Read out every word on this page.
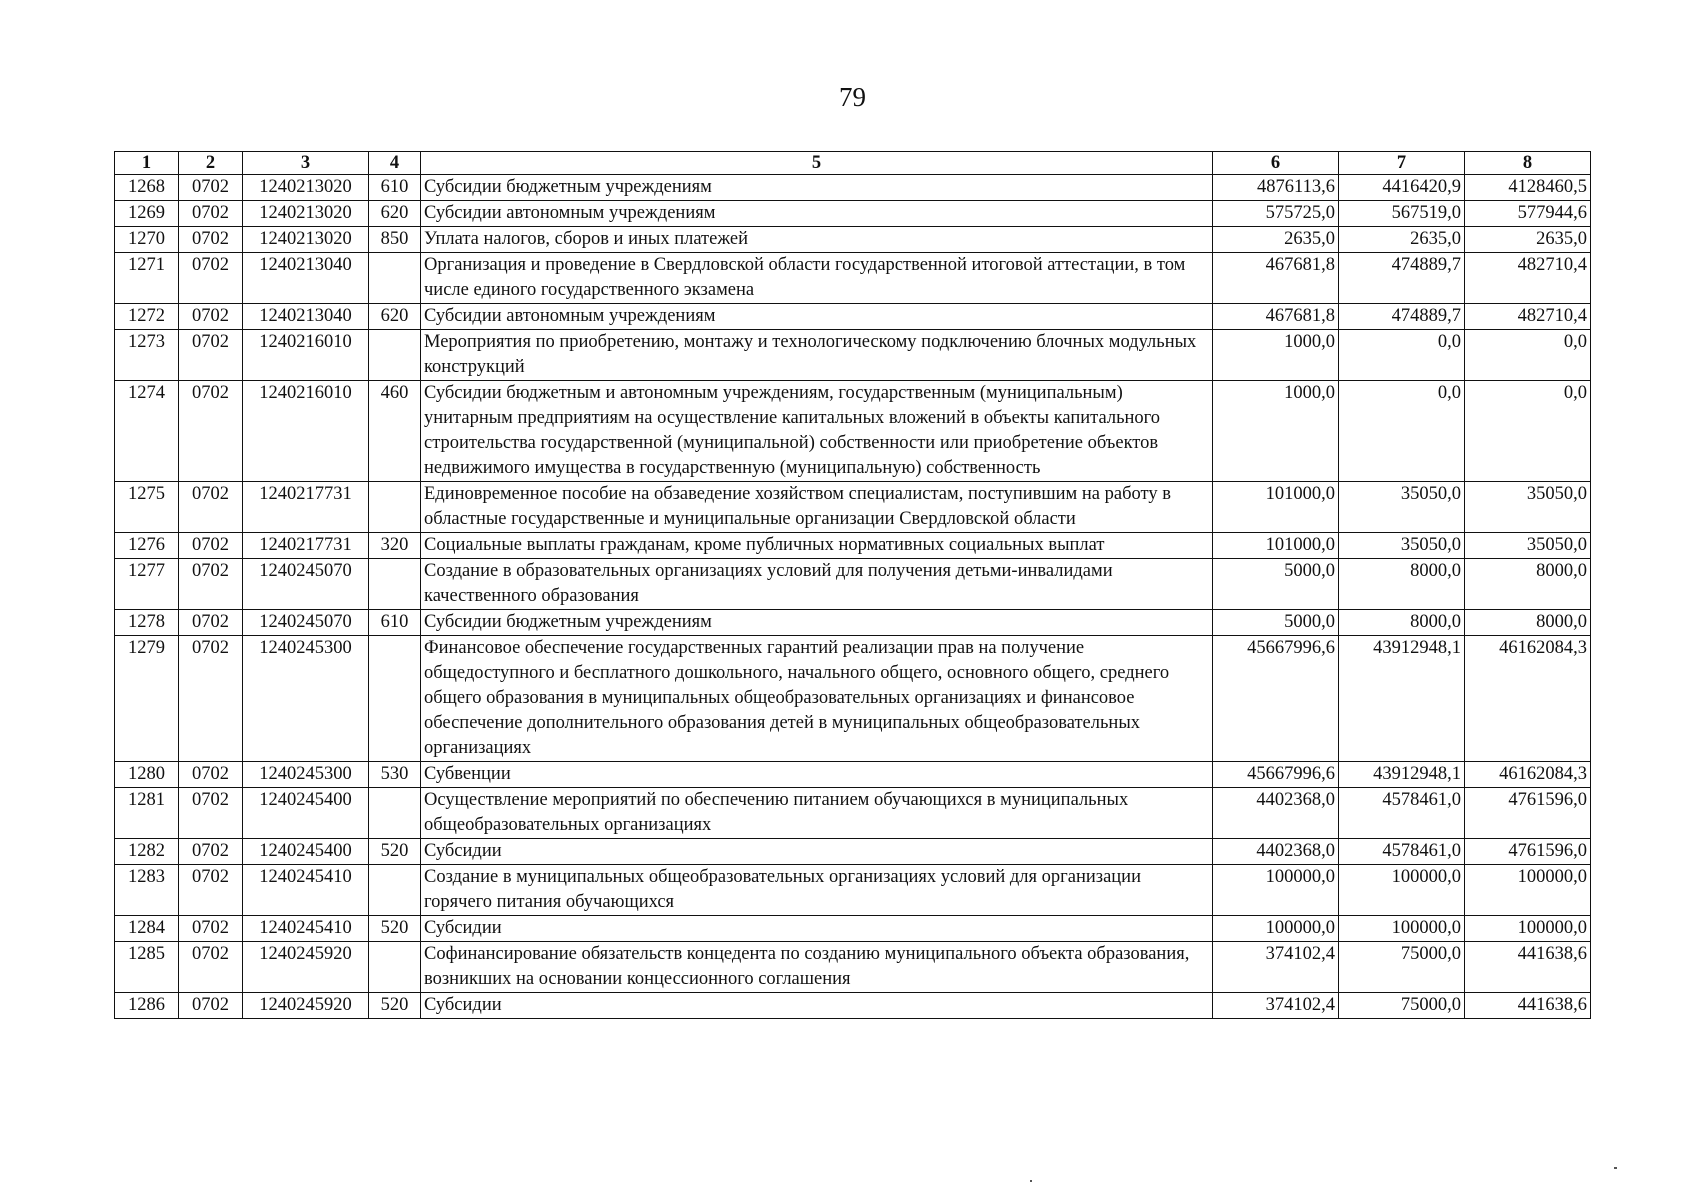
79
1	2	3	4	5	6	7	8
1268	0702	1240213020	610	Субсидии бюджетным учреждениям	4876113,6	4416420,9	4128460,5
1269	0702	1240213020	620	Субсидии автономным учреждениям	575725,0	567519,0	577944,6
1270	0702	1240213020	850	Уплата налогов, сборов и иных платежей	2635,0	2635,0	2635,0
1271	0702	1240213040		Организация и проведение в Свердловской области государственной итоговой аттестации, в том числе единого государственного экзамена	467681,8	474889,7	482710,4
1272	0702	1240213040	620	Субсидии автономным учреждениям	467681,8	474889,7	482710,4
1273	0702	1240216010		Мероприятия по приобретению, монтажу и технологическому подключению блочных модульных конструкций	1000,0	0,0	0,0
1274	0702	1240216010	460	Субсидии бюджетным и автономным учреждениям, государственным (муниципальным) унитарным предприятиям на осуществление капитальных вложений в объекты капитального строительства государственной (муниципальной) собственности или приобретение объектов недвижимого имущества в государственную (муниципальную) собственность	1000,0	0,0	0,0
1275	0702	1240217731		Единовременное пособие на обзаведение хозяйством специалистам, поступившим на работу в областные государственные и муниципальные организации Свердловской области	101000,0	35050,0	35050,0
1276	0702	1240217731	320	Социальные выплаты гражданам, кроме публичных нормативных социальных выплат	101000,0	35050,0	35050,0
1277	0702	1240245070		Создание в образовательных организациях условий для получения детьми-инвалидами качественного образования	5000,0	8000,0	8000,0
1278	0702	1240245070	610	Субсидии бюджетным учреждениям	5000,0	8000,0	8000,0
1279	0702	1240245300		Финансовое обеспечение государственных гарантий реализации прав на получение общедоступного и бесплатного дошкольного, начального общего, основного общего, среднего общего образования в муниципальных общеобразовательных организациях и финансовое обеспечение дополнительного образования детей в муниципальных общеобразовательных организациях	45667996,6	43912948,1	46162084,3
1280	0702	1240245300	530	Субвенции	45667996,6	43912948,1	46162084,3
1281	0702	1240245400		Осуществление мероприятий по обеспечению питанием обучающихся в муниципальных общеобразовательных организациях	4402368,0	4578461,0	4761596,0
1282	0702	1240245400	520	Субсидии	4402368,0	4578461,0	4761596,0
1283	0702	1240245410		Создание в муниципальных общеобразовательных организациях условий для организации горячего питания обучающихся	100000,0	100000,0	100000,0
1284	0702	1240245410	520	Субсидии	100000,0	100000,0	100000,0
1285	0702	1240245920		Софинансирование обязательств концедента по созданию муниципального объекта образования, возникших на основании концессионного соглашения	374102,4	75000,0	441638,6
1286	0702	1240245920	520	Субсидии	374102,4	75000,0	441638,6
